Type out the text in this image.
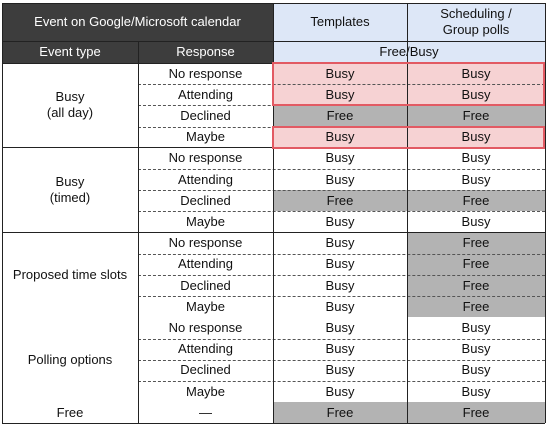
Event on Google/Microsoft calendar	Templates
Scheduling /
Group polls
Event type	Response	Free/Busy
Busy
(all day)
No response	Busy	Busy
Attending	Busy	Busy
Declined	Free	Free
Maybe	Busy	Busy
Busy
(timed)
No response	Busy	Busy
Attending	Busy	Busy
Declined	Free	Free
Maybe	Busy	Busy
Proposed time slots
No response	Busy	Free
Attending	Busy	Free
Declined	Busy	Free
Maybe	Busy	Free
Polling options
No response	Busy	Busy
Attending	Busy	Busy
Declined	Busy	Busy
Maybe	Busy	Busy
Free	—	Free	Free
